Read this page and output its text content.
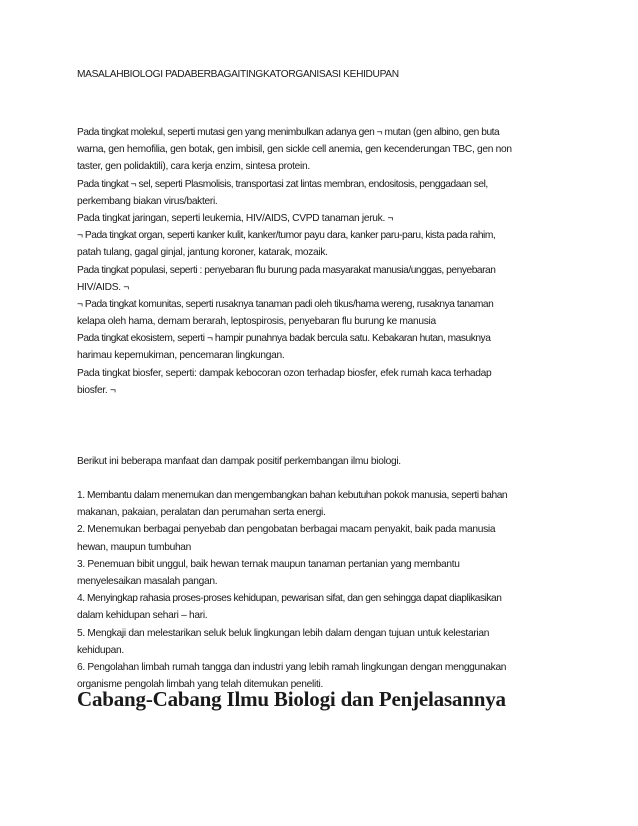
MASALAHBIOLOGI PADABERBAGAITINGKATORGANISASI KEHIDUPAN
Pada tingkat molekul, seperti mutasi gen yang menimbulkan adanya gen ¬ mutan (gen albino, gen buta
warna, gen hemofilia, gen botak, gen imbisil, gen sickle cell anemia, gen kecenderungan TBC, gen non
taster, gen polidaktili), cara kerja enzim, sintesa protein.
Pada tingkat ¬ sel, seperti Plasmolisis, transportasi zat lintas membran, endositosis, penggadaan sel,
perkembang biakan virus/bakteri.
Pada tingkat jaringan, seperti leukemia, HIV/AIDS, CVPD tanaman jeruk. ¬
¬ Pada tingkat organ, seperti kanker kulit, kanker/tumor payu dara, kanker paru-paru, kista pada rahim,
patah tulang, gagal ginjal, jantung koroner, katarak, mozaik.
Pada tingkat populasi, seperti : penyebaran flu burung pada masyarakat manusia/unggas, penyebaran
HIV/AIDS. ¬
¬ Pada tingkat komunitas, seperti rusaknya tanaman padi oleh tikus/hama wereng, rusaknya tanaman
kelapa oleh hama, demam berarah, leptospirosis, penyebaran flu burung ke manusia
Pada tingkat ekosistem, seperti ¬ hampir punahnya badak bercula satu. Kebakaran hutan, masuknya
harimau kepemukiman, pencemaran lingkungan.
Pada tingkat biosfer, seperti: dampak kebocoran ozon terhadap biosfer, efek rumah kaca terhadap
biosfer. ¬
Berikut ini beberapa manfaat dan dampak positif perkembangan ilmu biologi.
1. Membantu dalam menemukan dan mengembangkan bahan kebutuhan pokok manusia, seperti bahan
makanan, pakaian, peralatan dan perumahan serta energi.
2. Menemukan berbagai penyebab dan pengobatan berbagai macam penyakit, baik pada manusia
hewan, maupun tumbuhan
3. Penemuan bibit unggul, baik hewan ternak maupun tanaman pertanian yang membantu
menyelesaikan masalah pangan.
4. Menyingkap rahasia proses-proses kehidupan, pewarisan sifat, dan gen sehingga dapat diaplikasikan
dalam kehidupan sehari – hari.
5. Mengkaji dan melestarikan seluk beluk lingkungan lebih dalam dengan tujuan untuk kelestarian
kehidupan.
6. Pengolahan limbah rumah tangga dan industri yang lebih ramah lingkungan dengan menggunakan
organisme pengolah limbah yang telah ditemukan peneliti.
Cabang-Cabang Ilmu Biologi dan Penjelasannya
